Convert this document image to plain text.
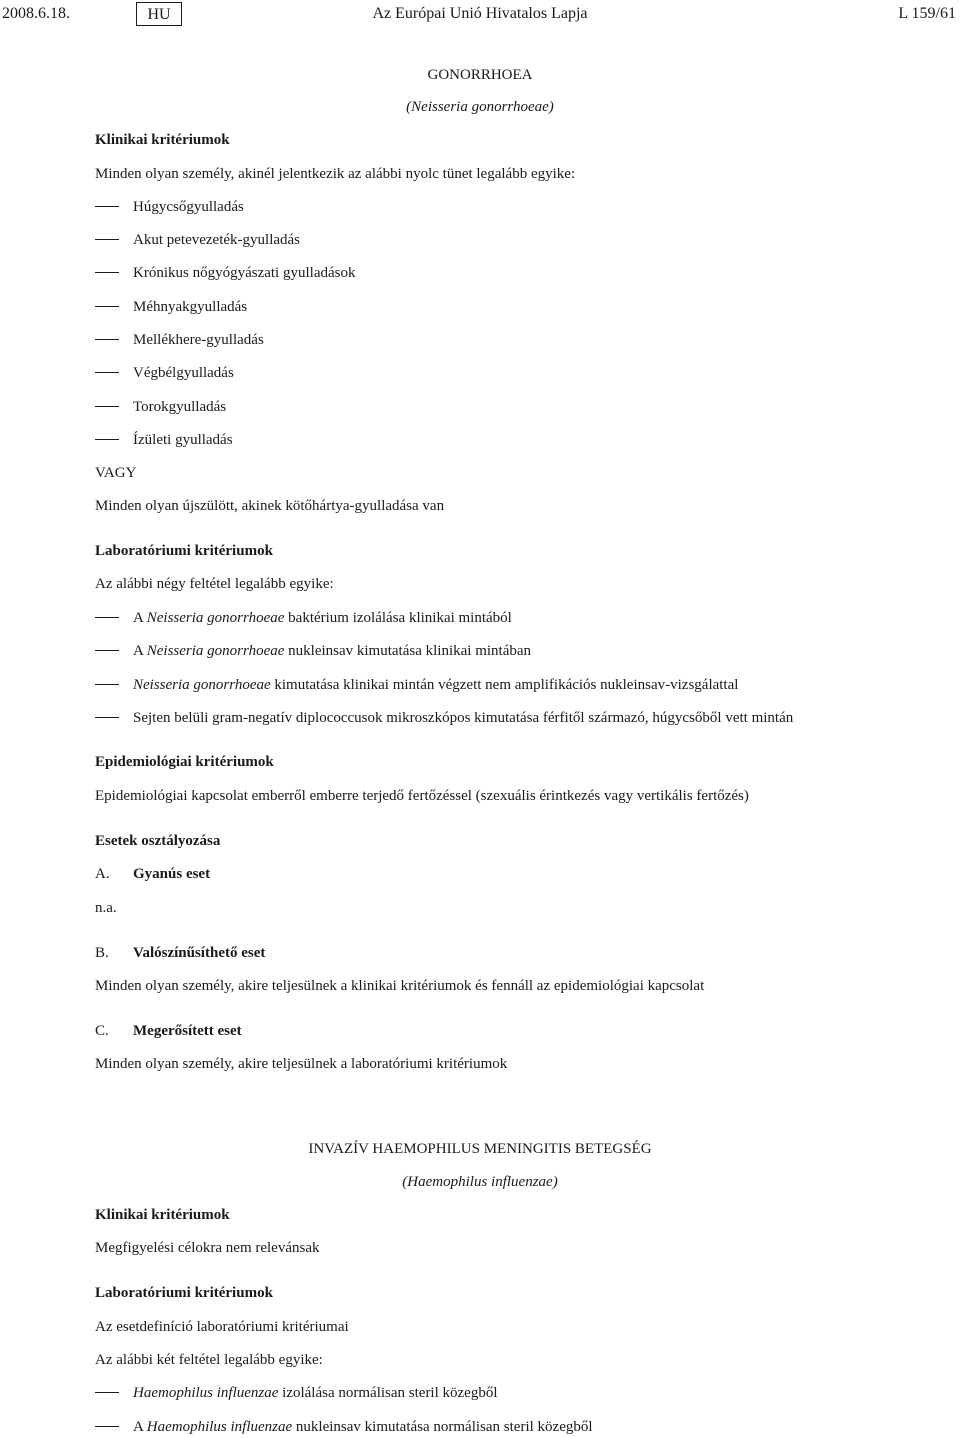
2008.6.18.	HU	Az Európai Unió Hivatalos Lapja	L 159/61
GONORRHOEA
(Neisseria gonorrhoeae)
Klinikai kritériumok
Minden olyan személy, akinél jelentkezik az alábbi nyolc tünet legalább egyike:
Húgycsőgyulladás
Akut petevezeték-gyulladás
Krónikus nőgyógyászati gyulladások
Méhnyakgyulladás
Mellékhere-gyulladás
Végbélgyulladás
Torokgyulladás
Ízületi gyulladás
VAGY
Minden olyan újszülött, akinek kötőhártya-gyulladása van
Laboratóriumi kritériumok
Az alábbi négy feltétel legalább egyike:
A Neisseria gonorrhoeae baktérium izolálása klinikai mintából
A Neisseria gonorrhoeae nukleinsav kimutatása klinikai mintában
Neisseria gonorrhoeae kimutatása klinikai mintán végzett nem amplifikációs nukleinsav-vizsgálattal
Sejten belüli gram-negatív diplococcusok mikroszkópos kimutatása férfitől származó, húgycsőből vett mintán
Epidemiológiai kritériumok
Epidemiológiai kapcsolat emberről emberre terjedő fertőzéssel (szexuális érintkezés vagy vertikális fertőzés)
Esetek osztályozása
A. Gyanús eset
n.a.
B. Valószínűsíthető eset
Minden olyan személy, akire teljesülnek a klinikai kritériumok és fennáll az epidemiológiai kapcsolat
C. Megerősített eset
Minden olyan személy, akire teljesülnek a laboratóriumi kritériumok
INVAZÍV HAEMOPHILUS MENINGITIS BETEGSÉG
(Haemophilus influenzae)
Klinikai kritériumok
Megfigyelési célokra nem relevánsak
Laboratóriumi kritériumok
Az esetdefiníció laboratóriumi kritériumai
Az alábbi két feltétel legalább egyike:
Haemophilus influenzae izolálása normálisan steril közegből
A Haemophilus influenzae nukleinsav kimutatása normálisan steril közegből
